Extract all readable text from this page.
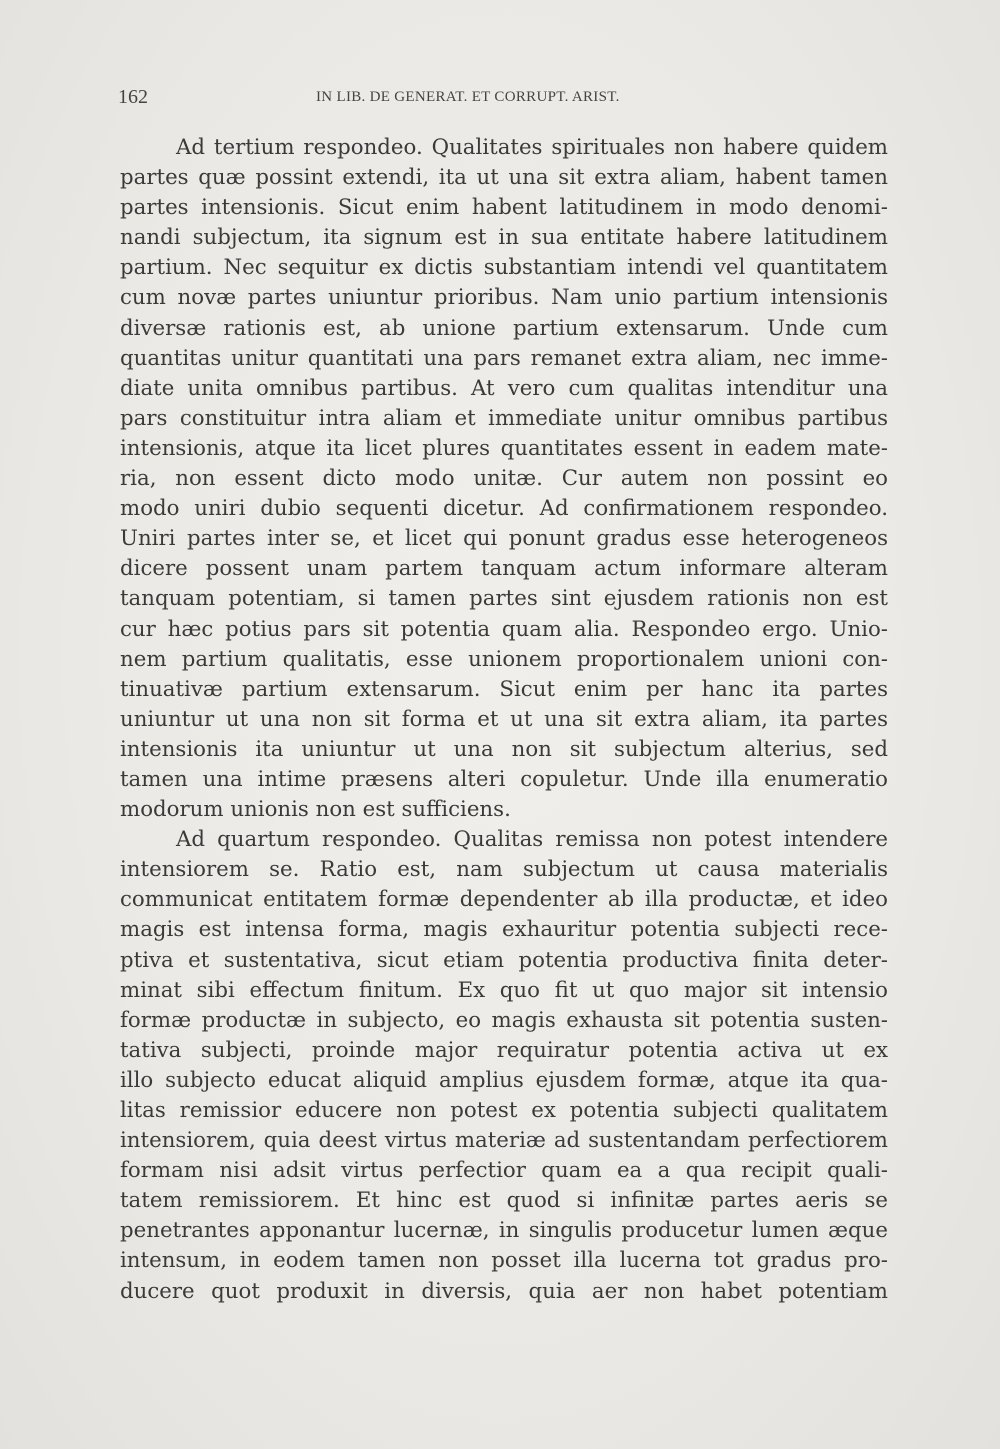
162	IN LIB. DE GENERAT. ET CORRUPT. ARIST.
Ad tertium respondeo. Qualitates spirituales non habere quidem
partes quæ possint extendi, ita ut una sit extra aliam, habent tamen
partes intensionis. Sicut enim habent latitudinem in modo denomi-
nandi subjectum, ita signum est in sua entitate habere latitudinem
partium. Nec sequitur ex dictis substantiam intendi vel quantitatem
cum novæ partes uniuntur prioribus. Nam unio partium intensionis
diversæ rationis est, ab unione partium extensarum. Unde cum
quantitas unitur quantitati una pars remanet extra aliam, nec imme-
diate unita omnibus partibus. At vero cum qualitas intenditur una
pars constituitur intra aliam et immediate unitur omnibus partibus
intensionis, atque ita licet plures quantitates essent in eadem mate-
ria, non essent dicto modo unitæ. Cur autem non possint eo
modo uniri dubio sequenti dicetur. Ad confirmationem respondeo.
Uniri partes inter se, et licet qui ponunt gradus esse heterogeneos
dicere possent unam partem tanquam actum informare alteram
tanquam potentiam, si tamen partes sint ejusdem rationis non est
cur hæc potius pars sit potentia quam alia. Respondeo ergo. Unio-
nem partium qualitatis, esse unionem proportionalem unioni con-
tinuativæ partium extensarum. Sicut enim per hanc ita partes
uniuntur ut una non sit forma et ut una sit extra aliam, ita partes
intensionis ita uniuntur ut una non sit subjectum alterius, sed
tamen una intime præsens alteri copuletur. Unde illa enumeratio
modorum unionis non est sufficiens.
Ad quartum respondeo. Qualitas remissa non potest intendere
intensiorem se. Ratio est, nam subjectum ut causa materialis
communicat entitatem formæ dependenter ab illa productæ, et ideo
magis est intensa forma, magis exhauritur potentia subjecti rece-
ptiva et sustentativa, sicut etiam potentia productiva finita deter-
minat sibi effectum finitum. Ex quo fit ut quo major sit intensio
formæ productæ in subjecto, eo magis exhausta sit potentia susten-
tativa subjecti, proinde major requiratur potentia activa ut ex
illo subjecto educat aliquid amplius ejusdem formæ, atque ita qua-
litas remissior educere non potest ex potentia subjecti qualitatem
intensiorem, quia deest virtus materiæ ad sustentandam perfectiorem
formam nisi adsit virtus perfectior quam ea a qua recipit quali-
tatem remissiorem. Et hinc est quod si infinitæ partes aeris se
penetrantes apponantur lucernæ, in singulis producetur lumen æque
intensum, in eodem tamen non posset illa lucerna tot gradus pro-
ducere quot produxit in diversis, quia aer non habet potentiam
